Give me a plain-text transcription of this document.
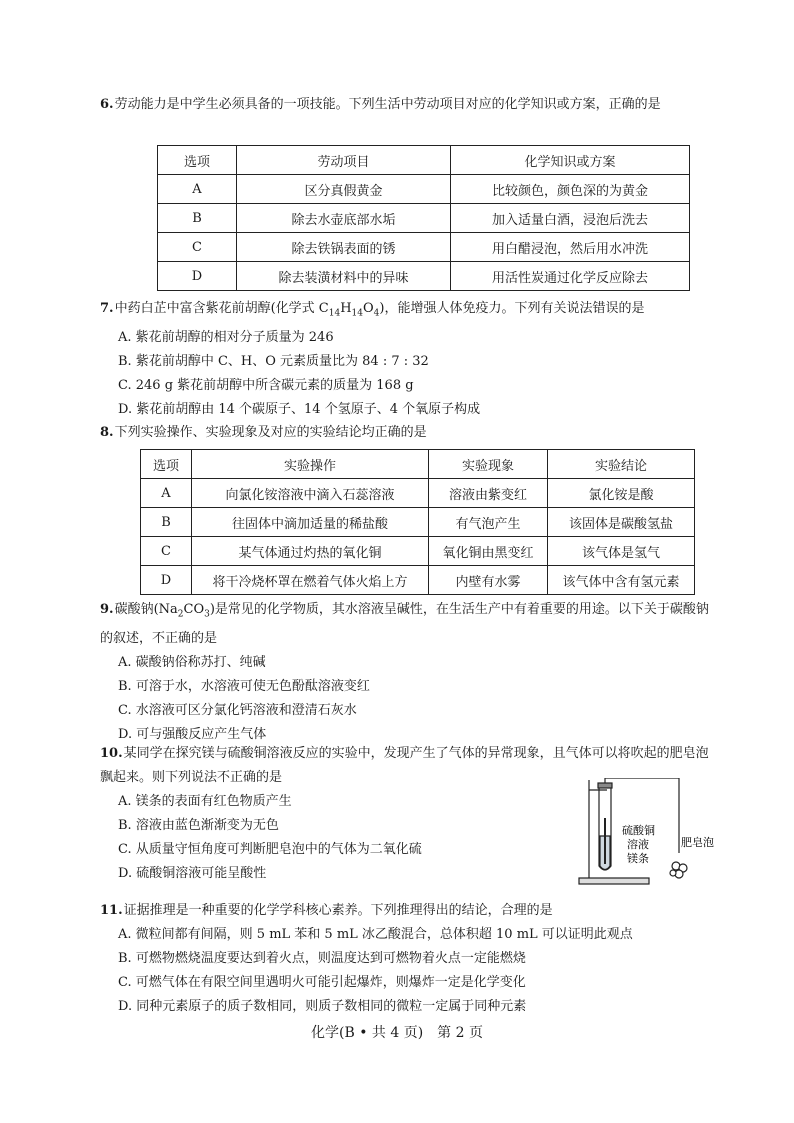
6.劳动能力是中学生必须具备的一项技能。下列生活中劳动项目对应的化学知识或方案，正确的是

选项	劳动项目	化学知识或方案
A	区分真假黄金	比较颜色，颜色深的为黄金
B	除去水壶底部水垢	加入适量白酒，浸泡后洗去
C	除去铁锅表面的锈	用白醋浸泡，然后用水冲洗
D	除去装潢材料中的异味	用活性炭通过化学反应除去

7.中药白芷中富含紫花前胡醇(化学式 $C_{14}H_{14}O_4$)，能增强人体免疫力。下列有关说法错误的是

A. 紫花前胡醇的相对分子质量为 246
B. 紫花前胡醇中 C、H、O 元素质量比为 84 : 7 : 32
C. 246 g 紫花前胡醇中所含碳元素的质量为 168 g
D. 紫花前胡醇由 14 个碳原子、14 个氢原子、4 个氧原子构成

8.下列实验操作、实验现象及对应的实验结论均正确的是

选项	实验操作	实验现象	实验结论
A	向氯化铵溶液中滴入石蕊溶液	溶液由紫变红	氯化铵是酸
B	往固体中滴加适量的稀盐酸	有气泡产生	该固体是碳酸氢盐
C	某气体通过灼热的氧化铜	氧化铜由黑变红	该气体是氢气
D	将干冷烧杯罩在燃着气体火焰上方	内壁有水雾	该气体中含有氢元素

9.碳酸钠$(Na_2CO_3)$是常见的化学物质，其水溶液呈碱性，在生活生产中有着重要的用途。以下关于碳酸钠的叙述，不正确的是

A. 碳酸钠俗称苏打、纯碱
B. 可溶于水，水溶液可使无色酚酞溶液变红
C. 水溶液可区分氯化钙溶液和澄清石灰水
D. 可与强酸反应产生气体

10.某同学在探究镁与硫酸铜溶液反应的实验中，发现产生了气体的异常现象，且气体可以将吹起的肥皂泡飘起来。则下列说法不正确的是

A. 镁条的表面有红色物质产生
B. 溶液由蓝色渐渐变为无色
C. 从质量守恒角度可判断肥皂泡中的气体为二氧化硫
D. 硫酸铜溶液可能呈酸性
硫酸铜
溶液
镁条
肥皂泡

11.证据推理是一种重要的化学学科核心素养。下列推理得出的结论，合理的是

A. 微粒间都有间隔，则 5 mL 苯和 5 mL 冰乙酸混合，总体积超 10 mL 可以证明此观点
B. 可燃物燃烧温度要达到着火点，则温度达到可燃物着火点一定能燃烧
C. 可燃气体在有限空间里遇明火可能引起爆炸，则爆炸一定是化学变化
D. 同种元素原子的质子数相同，则质子数相同的微粒一定属于同种元素
化学(B • 共 4 页)　第 2 页
